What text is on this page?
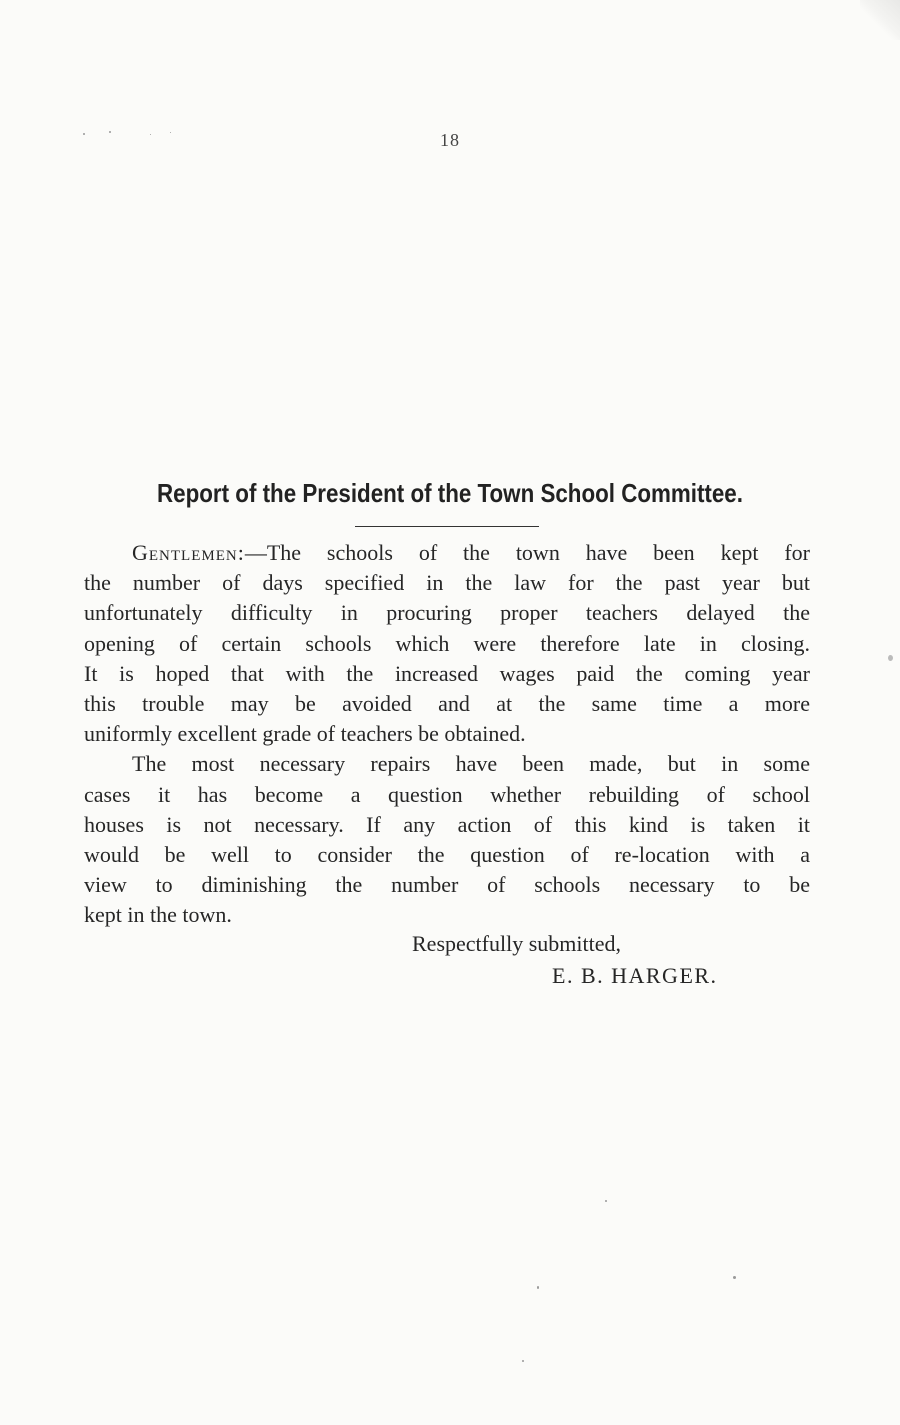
18
Report of the President of the Town School Committee.

Gentlemen:—The schools of the town have been kept for
the number of days specified in the law for the past year but
unfortunately difficulty in procuring proper teachers delayed the
opening of certain schools which were therefore late in closing.
It is hoped that with the increased wages paid the coming year
this trouble may be avoided and at the same time a more
uniformly excellent grade of teachers be obtained.

The most necessary repairs have been made, but in some
cases it has become a question whether rebuilding of school
houses is not necessary. If any action of this kind is taken it
would be well to consider the question of re-location with a
view to diminishing the number of schools necessary to be
kept in the town.

Respectfully submitted,
E. B. HARGER.
